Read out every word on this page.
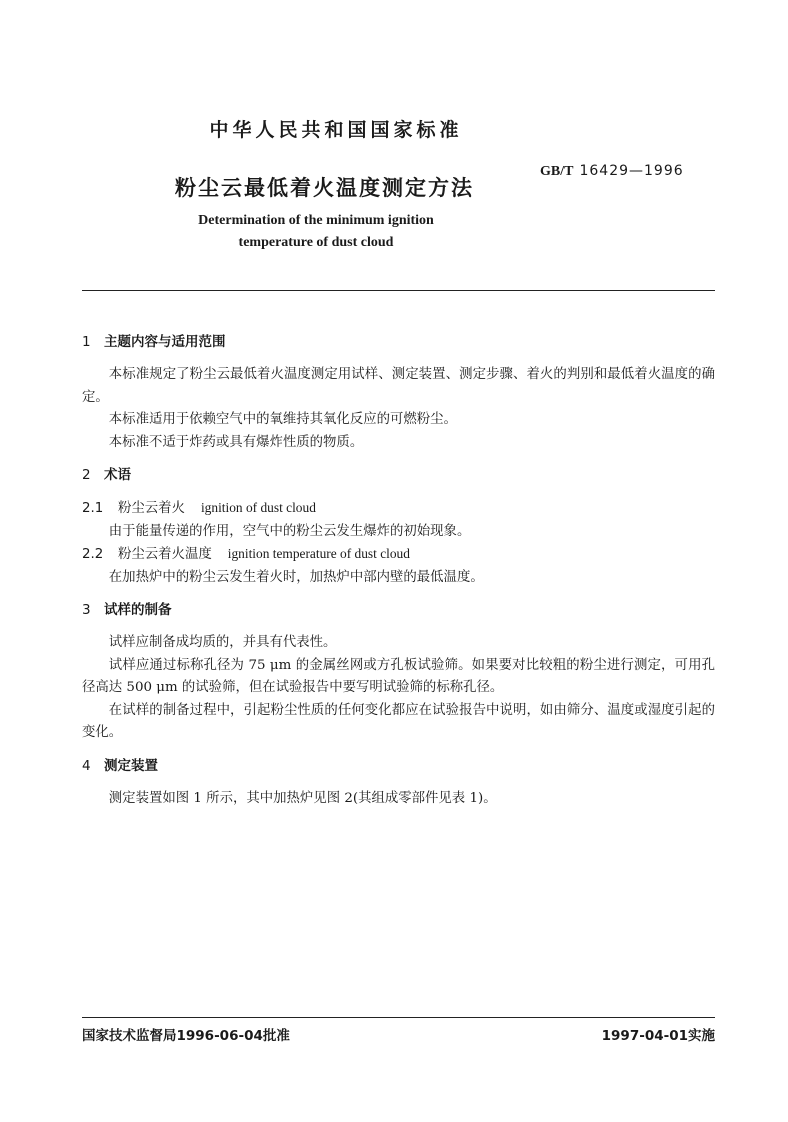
中华人民共和国国家标准
粉尘云最低着火温度测定方法
GB/T 16429—1996
Determination of the minimum ignition
temperature of dust cloud
1 主题内容与适用范围

本标准规定了粉尘云最低着火温度测定用试样、测定装置、测定步骤、着火的判别和最低着火温度的确定。

本标准适用于依赖空气中的氧维持其氧化反应的可燃粉尘。

本标准不适于炸药或具有爆炸性质的物质。

2 术语
2.1 粉尘云着火 ignition of dust cloud

由于能量传递的作用，空气中的粉尘云发生爆炸的初始现象。

2.2 粉尘云着火温度 ignition temperature of dust cloud

在加热炉中的粉尘云发生着火时，加热炉中部内壁的最低温度。

3 试样的制备

试样应制备成均质的，并具有代表性。

试样应通过标称孔径为 75 μm 的金属丝网或方孔板试验筛。如果要对比较粗的粉尘进行测定，可用孔径高达 500 μm 的试验筛，但在试验报告中要写明试验筛的标称孔径。

在试样的制备过程中，引起粉尘性质的任何变化都应在试验报告中说明，如由筛分、温度或湿度引起的变化。

4 测定装置

测定装置如图 1 所示，其中加热炉见图 2(其组成零部件见表 1)。

国家技术监督局1996-06-04批准	1997-04-01实施
